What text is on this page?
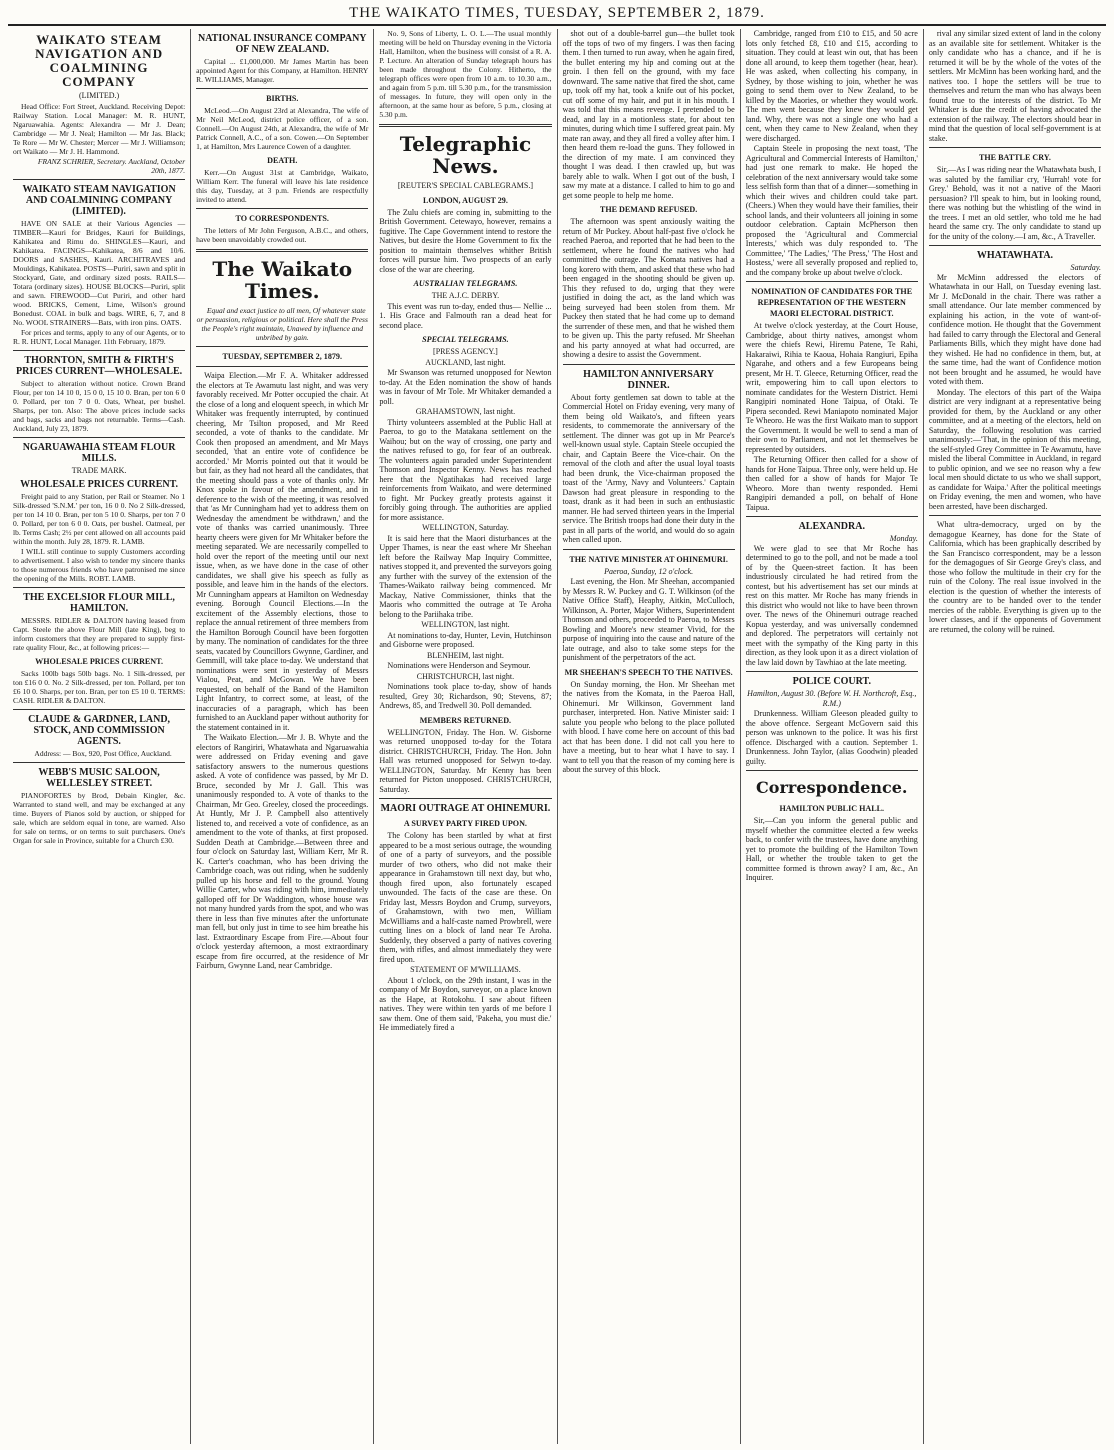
THE WAIKATO TIMES, TUESDAY, SEPTEMBER 2, 1879.
WAIKATO STEAM NAVIGATION AND COALMINING COMPANY
(LIMITED.)

Head Office: Fort Street, Auckland. Receiving Depot: Railway Station. Local Manager: M. R. HUNT, Ngaruawahia. Agents: Alexandra — Mr J. Dean; Cambridge — Mr J. Neal; Hamilton — Mr Jas. Black; Te Rore — Mr W. Chester; Mercer — Mr J. Williamson; ort Waikato — Mr J. H. Hammond.

FRANZ SCHRIER, Secretary. Auckland, October 20th, 1877.

WAIKATO STEAM NAVIGATION AND COALMINING COMPANY (LIMITED).

HAVE ON SALE at their Various Agencies — TIMBER—Kauri for Bridges, Kauri for Buildings, Kahikatea and Rimu do. SHINGLES—Kauri, and Kahikatea. FACINGS—Kahikatea, 8/6 and 10/6. DOORS and SASHES, Kauri. ARCHITRAVES and Mouldings, Kahikatea. POSTS—Puriri, sawn and split in Stockyard, Gate, and ordinary sized posts. RAILS—Totara (ordinary sizes). HOUSE BLOCKS—Puriri, split and sawn. FIREWOOD—Cut Puriri, and other hard wood. BRICKS, Cement, Lime, Wilson's ground Bonedust. COAL in bulk and bags. WIRE, 6, 7, and 8 No. WOOL STRAINERS—Bats, with iron pins. OATS.

For prices and terms, apply to any of our Agents, or to R. R. HUNT, Local Manager. 11th February, 1879.

THORNTON, SMITH & FIRTH'S PRICES CURRENT—WHOLESALE.

Subject to alteration without notice. Crown Brand Flour, per ton 14 10 0, 15 0 0, 15 10 0. Bran, per ton 6 0 0. Pollard, per ton 7 0 0. Oats, Wheat, per bushel. Sharps, per ton. Also: The above prices include sacks and bags, sacks and bags not returnable. Terms—Cash. Auckland, July 23, 1879.

NGARUAWAHIA STEAM FLOUR MILLS.
TRADE MARK.
WHOLESALE PRICES CURRENT.

Freight paid to any Station, per Rail or Steamer. No 1 Silk-dressed 'S.N.M.' per ton, 16 0 0. No 2 Silk-dressed, per ton 14 10 0. Bran, per ton 5 10 0. Sharps, per ton 7 0 0. Pollard, per ton 6 0 0. Oats, per bushel. Oatmeal, per lb. Terms Cash; 2½ per cent allowed on all accounts paid within the month. July 28, 1879. R. LAMB.

I WILL still continue to supply Customers according to advertisement. I also wish to tender my sincere thanks to those numerous friends who have patronised me since the opening of the Mills. ROBT. LAMB.

THE EXCELSIOR FLOUR MILL, HAMILTON.

MESSRS. RIDLER & DALTON having leased from Capt. Steele the above Flour Mill (late King), beg to inform customers that they are prepared to supply first-rate quality Flour, &c., at following prices:—

WHOLESALE PRICES CURRENT.

Sacks 100lb bags 50lb bags. No. 1 Silk-dressed, per ton £16 0 0. No. 2 Silk-dressed, per ton. Pollard, per ton £6 10 0. Sharps, per ton. Bran, per ton £5 10 0. TERMS: CASH. RIDLER & DALTON.

CLAUDE & GARDNER, LAND, STOCK, AND COMMISSION AGENTS.

Address: — Box, 920, Post Office, Auckland.

WEBB'S MUSIC SALOON, WELLESLEY STREET.

PIANOFORTES by Brod, Debain Kingler, &c. Warranted to stand well, and may be exchanged at any time. Buyers of Pianos sold by auction, or shipped for sale, which are seldom equal in tone, are warned. Also for sale on terms, or on terms to suit purchasers. One's Organ for sale in Province, suitable for a Church £30.

NATIONAL INSURANCE COMPANY OF NEW ZEALAND.

Capital ... £1,000,000. Mr James Martin has been appointed Agent for this Company, at Hamilton. HENRY R. WILLIAMS, Manager.

BIRTHS.

McLeod.—On August 23rd at Alexandra, The wife of Mr Neil McLeod, district police officer, of a son. Connell.—On August 24th, at Alexandra, the wife of Mr Patrick Connell, A.C., of a son. Cowen.—On September 1, at Hamilton, Mrs Laurence Cowen of a daughter.

DEATH.

Kerr.—On August 31st at Cambridge, Waikato, William Kerr. The funeral will leave his late residence this day, Tuesday, at 3 p.m. Friends are respectfully invited to attend.

TO CORRESPONDENTS.

The letters of Mr John Ferguson, A.B.C., and others, have been unavoidably crowded out.

The Waikato Times.

Equal and exact justice to all men, Of whatever state or persuasion, religious or political. Here shall the Press the People's right maintain, Unawed by influence and unbribed by gain.

TUESDAY, SEPTEMBER 2, 1879.

Waipa Election.—Mr F. A. Whitaker addressed the electors at Te Awamutu last night, and was very favorably received. Mr Potter occupied the chair. At the close of a long and eloquent speech, in which Mr Whitaker was frequently interrupted, by continued cheering, Mr Tsilton proposed, and Mr Reed seconded, a vote of thanks to the candidate. Mr Cook then proposed an amendment, and Mr Mays seconded, 'that an entire vote of confidence be accorded.' Mr Morris pointed out that it would be but fair, as they had not heard all the candidates, that the meeting should pass a vote of thanks only. Mr Knox spoke in favour of the amendment, and in deference to the wish of the meeting, it was resolved that 'as Mr Cunningham had yet to address them on Wednesday the amendment be withdrawn,' and the vote of thanks was carried unanimously. Three hearty cheers were given for Mr Whitaker before the meeting separated. We are necessarily compelled to hold over the report of the meeting until our next issue, when, as we have done in the case of other candidates, we shall give his speech as fully as possible, and leave him in the hands of the electors. Mr Cunningham appears at Hamilton on Wednesday evening. Borough Council Elections.—In the excitement of the Assembly elections, those to replace the annual retirement of three members from the Hamilton Borough Council have been forgotten by many. The nomination of candidates for the three seats, vacated by Councillors Gwynne, Gardiner, and Gemmill, will take place to-day. We understand that nominations were sent in yesterday of Messrs Vialou, Peat, and McGowan. We have been requested, on behalf of the Band of the Hamilton Light Infantry, to correct some, at least, of the inaccuracies of a paragraph, which has been furnished to an Auckland paper without authority for the statement contained in it.

The Waikato Election.—Mr J. B. Whyte and the electors of Rangiriri, Whatawhata and Ngaruawahia were addressed on Friday evening and gave satisfactory answers to the numerous questions asked. A vote of confidence was passed, by Mr D. Bruce, seconded by Mr J. Gall. This was unanimously responded to. A vote of thanks to the Chairman, Mr Geo. Greeley, closed the proceedings. At Huntly, Mr J. P. Campbell also attentively listened to, and received a vote of confidence, as an amendment to the vote of thanks, at first proposed. Sudden Death at Cambridge.—Between three and four o'clock on Saturday last, William Kerr, Mr R. K. Carter's coachman, who has been driving the Cambridge coach, was out riding, when he suddenly pulled up his horse and fell to the ground. Young Willie Carter, who was riding with him, immediately galloped off for Dr Waddington, whose house was not many hundred yards from the spot, and who was there in less than five minutes after the unfortunate man fell, but only just in time to see him breathe his last. Extraordinary Escape from Fire.—About four o'clock yesterday afternoon, a most extraordinary escape from fire occurred, at the residence of Mr Fairburn, Gwynne Land, near Cambridge.

No. 9, Sons of Liberty, L. O. L.—The usual monthly meeting will be held on Thursday evening in the Victoria Hall, Hamilton, when the business will consist of a R. A. P. Lecture. An alteration of Sunday telegraph hours has been made throughout the Colony. Hitherto, the telegraph offices were open from 10 a.m. to 10.30 a.m., and again from 5 p.m. till 5.30 p.m., for the transmission of messages. In future, they will open only in the afternoon, at the same hour as before, 5 p.m., closing at 5.30 p.m.

Telegraphic News.
[REUTER'S SPECIAL CABLEGRAMS.]
LONDON, AUGUST 29.

The Zulu chiefs are coming in, submitting to the British Government. Cetewayo, however, remains a fugitive. The Cape Government intend to restore the Natives, but desire the Home Government to fix the position to maintain themselves whither British forces will pursue him. Two prospects of an early close of the war are cheering.

AUSTRALIAN TELEGRAMS.
THE A.J.C. DERBY.

This event was run to-day, ended thus— Nellie ... 1. His Grace and Falmouth ran a dead heat for second place.

SPECIAL TELEGRAMS.
[PRESS AGENCY.]
AUCKLAND, last night.

Mr Swanson was returned unopposed for Newton to-day. At the Eden nomination the show of hands was in favour of Mr Tole. Mr Whitaker demanded a poll.

GRAHAMSTOWN, last night.

Thirty volunteers assembled at the Public Hall at Paeroa, to go to the Matakana settlement on the Waihou; but on the way of crossing, one party and the natives refused to go, for fear of an outbreak. The volunteers again paraded under Superintendent Thomson and Inspector Kenny. News has reached here that the Ngatihakas had received large reinforcements from Waikato, and were determined to fight. Mr Puckey greatly protests against it forcibly going through. The authorities are applied for more assistance.

WELLINGTON, Saturday.

It is said here that the Maori disturbances at the Upper Thames, is near the east where Mr Sheehan left before the Railway Map Inquiry Committee, natives stopped it, and prevented the surveyors going any further with the survey of the extension of the Thames-Waikato railway being commenced. Mr Mackay, Native Commissioner, thinks that the Maoris who committed the outrage at Te Aroha belong to the Pariihaka tribe.

WELLINGTON, last night.

At nominations to-day, Hunter, Levin, Hutchinson and Gisborne were proposed.

BLENHEIM, last night.

Nominations were Henderson and Seymour.

CHRISTCHURCH, last night.

Nominations took place to-day, show of hands resulted, Grey 30; Richardson, 90; Stevens, 87; Andrews, 85, and Tredwell 30. Poll demanded.

MEMBERS RETURNED.

WELLINGTON, Friday. The Hon. W. Gisborne was returned unopposed to-day for the Totara district. CHRISTCHURCH, Friday. The Hon. John Hall was returned unopposed for Selwyn to-day. WELLINGTON, Saturday. Mr Kenny has been returned for Picton unopposed. CHRISTCHURCH, Saturday.

MAORI OUTRAGE AT OHINEMURI.
A SURVEY PARTY FIRED UPON.

The Colony has been startled by what at first appeared to be a most serious outrage, the wounding of one of a party of surveyors, and the possible murder of two others, who did not make their appearance in Grahamstown till next day, but who, though fired upon, also fortunately escaped unwounded. The facts of the case are these. On Friday last, Messrs Boydon and Crump, surveyors, of Grahamstown, with two men, William McWilliams and a half-caste named Prowbrell, were cutting lines on a block of land near Te Aroha. Suddenly, they observed a party of natives covering them, with rifles, and almost immediately they were fired upon.

STATEMENT OF M'WILLIAMS.

About 1 o'clock, on the 29th instant, I was in the company of Mr Boydon, surveyor, on a place known as the Hape, at Rotokohu. I saw about fifteen natives. They were within ten yards of me before I saw them. One of them said, 'Pakeha, you must die.' He immediately fired a

shot out of a double-barrel gun—the bullet took off the tops of two of my fingers. I was then facing them. I then turned to run away, when he again fired, the bullet entering my hip and coming out at the groin. I then fell on the ground, with my face downward. The same native that fired the shot, came up, took off my hat, took a knife out of his pocket, cut off some of my hair, and put it in his mouth. I was told that this means revenge. I pretended to be dead, and lay in a motionless state, for about ten minutes, during which time I suffered great pain. My mate ran away, and they all fired a volley after him. I then heard them re-load the guns. They followed in the direction of my mate. I am convinced they thought I was dead. I then crawled up, but was barely able to walk. When I got out of the bush, I saw my mate at a distance. I called to him to go and get some people to help me home.

THE DEMAND REFUSED.

The afternoon was spent anxiously waiting the return of Mr Puckey. About half-past five o'clock he reached Paeroa, and reported that he had been to the settlement, where he found the natives who had committed the outrage. The Komata natives had a long korero with them, and asked that these who had been engaged in the shooting should be given up. This they refused to do, urging that they were justified in doing the act, as the land which was being surveyed had been stolen from them. Mr Puckey then stated that he had come up to demand the surrender of these men, and that he wished them to be given up. This the party refused. Mr Sheehan and his party annoyed at what had occurred, are showing a desire to assist the Government.

HAMILTON ANNIVERSARY DINNER.

About forty gentlemen sat down to table at the Commercial Hotel on Friday evening, very many of them being old Waikato's, and fifteen years residents, to commemorate the anniversary of the settlement. The dinner was got up in Mr Pearce's well-known usual style. Captain Steele occupied the chair, and Captain Beere the Vice-chair. On the removal of the cloth and after the usual loyal toasts had been drunk, the Vice-chairman proposed the toast of the 'Army, Navy and Volunteers.' Captain Dawson had great pleasure in responding to the toast, drank as it had been in such an enthusiastic manner. He had served thirteen years in the Imperial service. The British troops had done their duty in the past in all parts of the world, and would do so again when called upon.

THE NATIVE MINISTER AT OHINEMURI.
Paeroa, Sunday, 12 o'clock.

Last evening, the Hon. Mr Sheehan, accompanied by Messrs R. W. Puckey and G. T. Wilkinson (of the Native Office Staff), Heaphy, Aitkin, McCulloch, Wilkinson, A. Porter, Major Withers, Superintendent Thomson and others, proceeded to Paeroa, to Messrs Bowling and Moore's new steamer Vivid, for the purpose of inquiring into the cause and nature of the late outrage, and also to take some steps for the punishment of the perpetrators of the act.

MR SHEEHAN'S SPEECH TO THE NATIVES.

On Sunday morning, the Hon. Mr Sheehan met the natives from the Komata, in the Paeroa Hall, Ohinemuri. Mr Wilkinson, Government land purchaser, interpreted. Hon. Native Minister said: I salute you people who belong to the place polluted with blood. I have come here on account of this bad act that has been done. I did not call you here to have a meeting, but to hear what I have to say. I want to tell you that the reason of my coming here is about the survey of this block.

Cambridge, ranged from £10 to £15, and 50 acre lots only fetched £8, £10 and £15, according to situation. They could at least win out, that has been done all around, to keep them together (hear, hear). He was asked, when collecting his company, in Sydney, by those wishing to join, whether he was going to send them over to New Zealand, to be killed by the Maories, or whether they would work. The men went because they knew they would get land. Why, there was not a single one who had a cent, when they came to New Zealand, when they were discharged.

Captain Steele in proposing the next toast, 'The Agricultural and Commercial Interests of Hamilton,' had just one remark to make. He hoped the celebration of the next anniversary would take some less selfish form than that of a dinner—something in which their wives and children could take part. (Cheers.) When they would have their families, their school lands, and their volunteers all joining in some outdoor celebration. Captain McPherson then proposed the 'Agricultural and Commercial Interests,' which was duly responded to. 'The Committee,' 'The Ladies,' 'The Press,' 'The Host and Hostess,' were all severally proposed and replied to, and the company broke up about twelve o'clock.

NOMINATION OF CANDIDATES FOR THE REPRESENTATION OF THE WESTERN MAORI ELECTORAL DISTRICT.

At twelve o'clock yesterday, at the Court House, Cambridge, about thirty natives, amongst whom were the chiefs Rewi, Hiremu Patene, Te Rahi, Hakaraiwi, Rihia te Kaoua, Hohaia Rangiuri, Epiha Ngarahe, and others and a few Europeans being present, Mr H. T. Gleece, Returning Officer, read the writ, empowering him to call upon electors to nominate candidates for the Western District. Hemi Rangipiri nominated Hone Taipua, of Otaki. Te Pipera seconded. Rewi Maniapoto nominated Major Te Wheoro. He was the first Waikato man to support the Government. It would be well to send a man of their own to Parliament, and not let themselves be represented by outsiders.

The Returning Officer then called for a show of hands for Hone Taipua. Three only, were held up. He then called for a show of hands for Major Te Wheoro. More than twenty responded. Hemi Rangipiri demanded a poll, on behalf of Hone Taipua.

ALEXANDRA.
Monday.

We were glad to see that Mr Roche has determined to go to the poll, and not be made a tool of by the Queen-street faction. It has been industriously circulated he had retired from the contest, but his advertisement has set our minds at rest on this matter. Mr Roche has many friends in this district who would not like to have been thrown over. The news of the Ohinemuri outrage reached Kopua yesterday, and was universally condemned and deplored. The perpetrators will certainly not meet with the sympathy of the King party in this direction, as they look upon it as a direct violation of the law laid down by Tawhiao at the late meeting.

POLICE COURT.
Hamilton, August 30. (Before W. H. Northcroft, Esq., R.M.)

Drunkenness. William Gleeson pleaded guilty to the above offence. Sergeant McGovern said this person was unknown to the police. It was his first offence. Discharged with a caution. September 1. Drunkenness. John Taylor, (alias Goodwin) pleaded guilty.

Correspondence.
HAMILTON PUBLIC HALL.

Sir,—Can you inform the general public and myself whether the committee elected a few weeks back, to confer with the trustees, have done anything yet to promote the building of the Hamilton Town Hall, or whether the trouble taken to get the committee formed is thrown away? I am, &c., An Inquirer.

rival any similar sized extent of land in the colony as an available site for settlement. Whitaker is the only candidate who has a chance, and if he is returned it will be by the whole of the votes of the settlers. Mr McMinn has been working hard, and the natives too. I hope the settlers will be true to themselves and return the man who has always been found true to the interests of the district. To Mr Whitaker is due the credit of having advocated the extension of the railway. The electors should bear in mind that the question of local self-government is at stake.

THE BATTLE CRY.

Sir,—As I was riding near the Whatawhata bush, I was saluted by the familiar cry, 'Hurrah! vote for Grey.' Behold, was it not a native of the Maori persuasion? I'll speak to him, but in looking round, there was nothing but the whistling of the wind in the trees. I met an old settler, who told me he had heard the same cry. The only candidate to stand up for the unity of the colony.—I am, &c., A Traveller.

WHATAWHATA.
Saturday.

Mr McMinn addressed the electors of Whatawhata in our Hall, on Tuesday evening last. Mr J. McDonald in the chair. There was rather a small attendance. Our late member commenced by explaining his action, in the vote of want-of-confidence motion. He thought that the Government had failed to carry through the Electoral and General Parliaments Bills, which they might have done had they wished. He had no confidence in them, but, at the same time, had the want of Confidence motion not been brought and he assumed, he would have voted with them.

Monday. The electors of this part of the Waipa district are very indignant at a representative being provided for them, by the Auckland or any other committee, and at a meeting of the electors, held on Saturday, the following resolution was carried unanimously:—'That, in the opinion of this meeting, the self-styled Grey Committee in Te Awamutu, have misled the liberal Committee in Auckland, in regard to public opinion, and we see no reason why a few local men should dictate to us who we shall support, as candidate for Waipa.' After the political meetings on Friday evening, the men and women, who have been arrested, have been discharged.

What ultra-democracy, urged on by the demagogue Kearney, has done for the State of California, which has been graphically described by the San Francisco correspondent, may be a lesson for the demagogues of Sir George Grey's class, and those who follow the multitude in their cry for the ruin of the Colony. The real issue involved in the election is the question of whether the interests of the country are to be handed over to the tender mercies of the rabble. Everything is given up to the lower classes, and if the opponents of Government are returned, the colony will be ruined.
